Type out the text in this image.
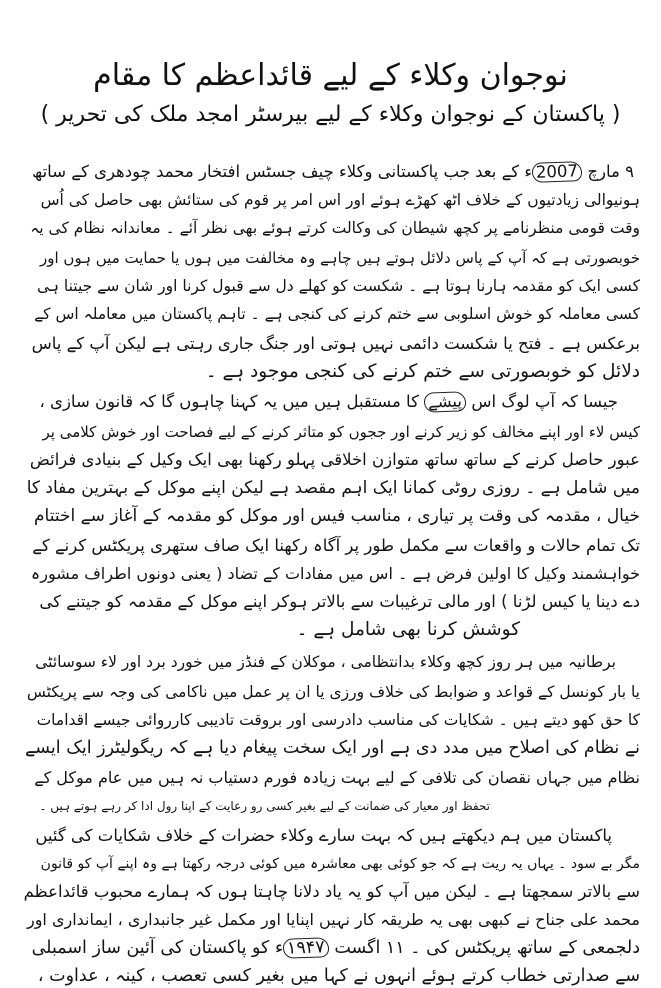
نوجوان وکلاء کے لیے قائداعظم کا مقام
( پاکستان کے نوجوان وکلاء کے لیے بیرسٹر امجد ملک کی تحریر )
۹ مارچ 2007ء کے بعد جب پاکستانی وکلاء چیف جسٹس افتخار محمد چودھری کے ساتھ
ہونیوالی زیادتیوں کے خلاف اٹھ کھڑے ہوئے اور اس امر پر قوم کی ستائش بھی حاصل کی اُس
وقت قومی منظرنامے پر کچھ شیطان کی وکالت کرتے ہوئے بھی نظر آئے ۔ معاندانہ نظام کی یہ
خوبصورتی ہے کہ آپ کے پاس دلائل ہوتے ہیں چاہے وہ مخالفت میں ہوں یا حمایت میں ہوں اور
کسی ایک کو مقدمہ ہارنا ہوتا ہے ۔ شکست کو کھلے دل سے قبول کرنا اور شان سے جیتنا ہی
کسی معاملہ کو خوش اسلوبی سے ختم کرنے کی کنجی ہے ۔ تاہم پاکستان میں معاملہ اس کے
برعکس ہے ۔ فتح یا شکست دائمی نہیں ہوتی اور جنگ جاری رہتی ہے لیکن آپ کے پاس
دلائل کو خوبصورتی سے ختم کرنے کی کنجی موجود ہے ۔
جیسا کہ آپ لوگ اس پیشے کا مستقبل ہیں میں یہ کہنا چاہوں گا کہ قانون سازی ،
کیس لاء اور اپنے مخالف کو زیر کرنے اور ججوں کو متاثر کرنے کے لیے فصاحت اور خوش کلامی پر
عبور حاصل کرنے کے ساتھ ساتھ متوازن اخلاقی پہلو رکھنا بھی ایک وکیل کے بنیادی فرائض
میں شامل ہے ۔ روزی روٹی کمانا ایک اہم مقصد ہے لیکن اپنے موکل کے بہترین مفاد کا
خیال ، مقدمہ کی وقت پر تیاری ، مناسب فیس اور موکل کو مقدمہ کے آغاز سے اختتام
تک تمام حالات و واقعات سے مکمل طور پر آگاہ رکھنا ایک صاف ستھری پریکٹس کرنے کے
خواہشمند وکیل کا اولین فرض ہے ۔ اس میں مفادات کے تضاد ( یعنی دونوں اطراف مشورہ
دے دینا یا کیس لڑنا ) اور مالی ترغیبات سے بالاتر ہوکر اپنے موکل کے مقدمہ کو جیتنے کی
کوشش کرنا بھی شامل ہے ۔
برطانیہ میں ہر روز کچھ وکلاء بدانتظامی ، موکلان کے فنڈز میں خورد برد اور لاء سوسائٹی
یا بار کونسل کے قواعد و ضوابط کی خلاف ورزی یا ان پر عمل میں ناکامی کی وجہ سے پریکٹس
کا حق کھو دیتے ہیں ۔ شکایات کی مناسب دادرسی اور بروقت تادیبی کارروائی جیسے اقدامات
نے نظام کی اصلاح میں مدد دی ہے اور ایک سخت پیغام دیا ہے کہ ریگولیٹرز ایک ایسے
نظام میں جہاں نقصان کی تلافی کے لیے بہت زیادہ فورم دستیاب نہ ہیں میں عام موکل کے
تحفظ اور معیار کی ضمانت کے لیے بغیر کسی رو رعایت کے اپنا رول ادا کر رہے ہوتے ہیں ۔
پاکستان میں ہم دیکھتے ہیں کہ بہت سارے وکلاء حضرات کے خلاف شکایات کی گئیں
مگر بے سود ۔ یہاں یہ ریت ہے کہ جو کوئی بھی معاشرہ میں کوئی درجہ رکھتا ہے وہ اپنے آپ کو قانون
سے بالاتر سمجھتا ہے ۔ لیکن میں آپ کو یہ یاد دلانا چاہتا ہوں کہ ہمارے محبوب قائداعظم
محمد علی جناح نے کبھی بھی یہ طریقہ کار نہیں اپنایا اور مکمل غیر جانبداری ، ایمانداری اور
دلجمعی کے ساتھ پریکٹس کی ۔ ۱۱ اگست ۱۹۴۷ء کو پاکستان کی آئین ساز اسمبلی
سے صدارتی خطاب کرتے ہوئے انہوں نے کہا میں بغیر کسی تعصب ، کینہ ، عداوت ،
